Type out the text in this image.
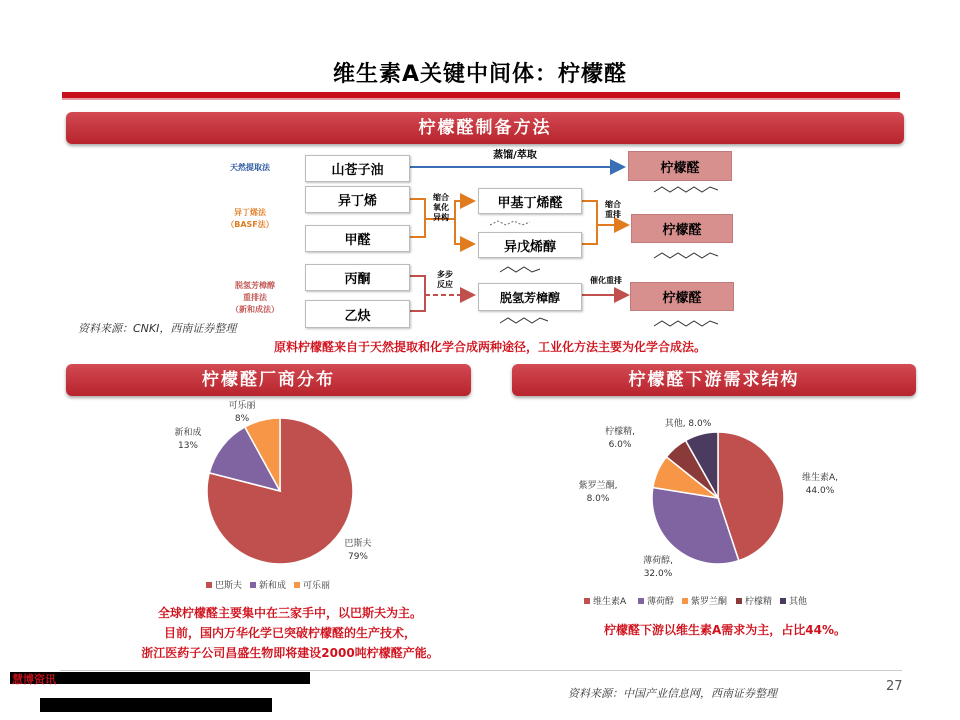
维生素A关键中间体：柠檬醛
柠檬醛制备方法
天然提取法
异丁烯法
（BASF法）
脱氢芳樟醇
重排法
（新和成法）
山苍子油
异丁烯
甲醛
丙酮
乙炔
甲基丁烯醛
异戊烯醇
脱氢芳樟醇
柠檬醛
柠檬醛
柠檬醛
蒸馏/萃取
缩合
氧化
异构
缩合
重排
多步
反应	催化重排
资料来源：CNKI，西南证券整理
原料柠檬醛来自于天然提取和化学合成两种途径，工业化方法主要为化学合成法。
柠檬醛厂商分布
巴斯夫 79%
新和成 13%
可乐丽 8%
巴斯夫 新和成 可乐丽
全球柠檬醛主要集中在三家手中，以巴斯夫为主。
目前，国内万华化学已突破柠檬醛的生产技术，
浙江医药子公司昌盛生物即将建设2000吨柠檬醛产能。
柠檬醛下游需求结构
维生素A, 44.0%
薄荷醇, 32.0%
紫罗兰酮, 8.0%
柠檬精, 6.0%
其他, 8.0%
维生素A 薄荷醇 紫罗兰酮 柠檬精 其他
柠檬醛下游以维生素A需求为主，占比44%。
慧博资讯
资料来源：中国产业信息网，西南证券整理	27
